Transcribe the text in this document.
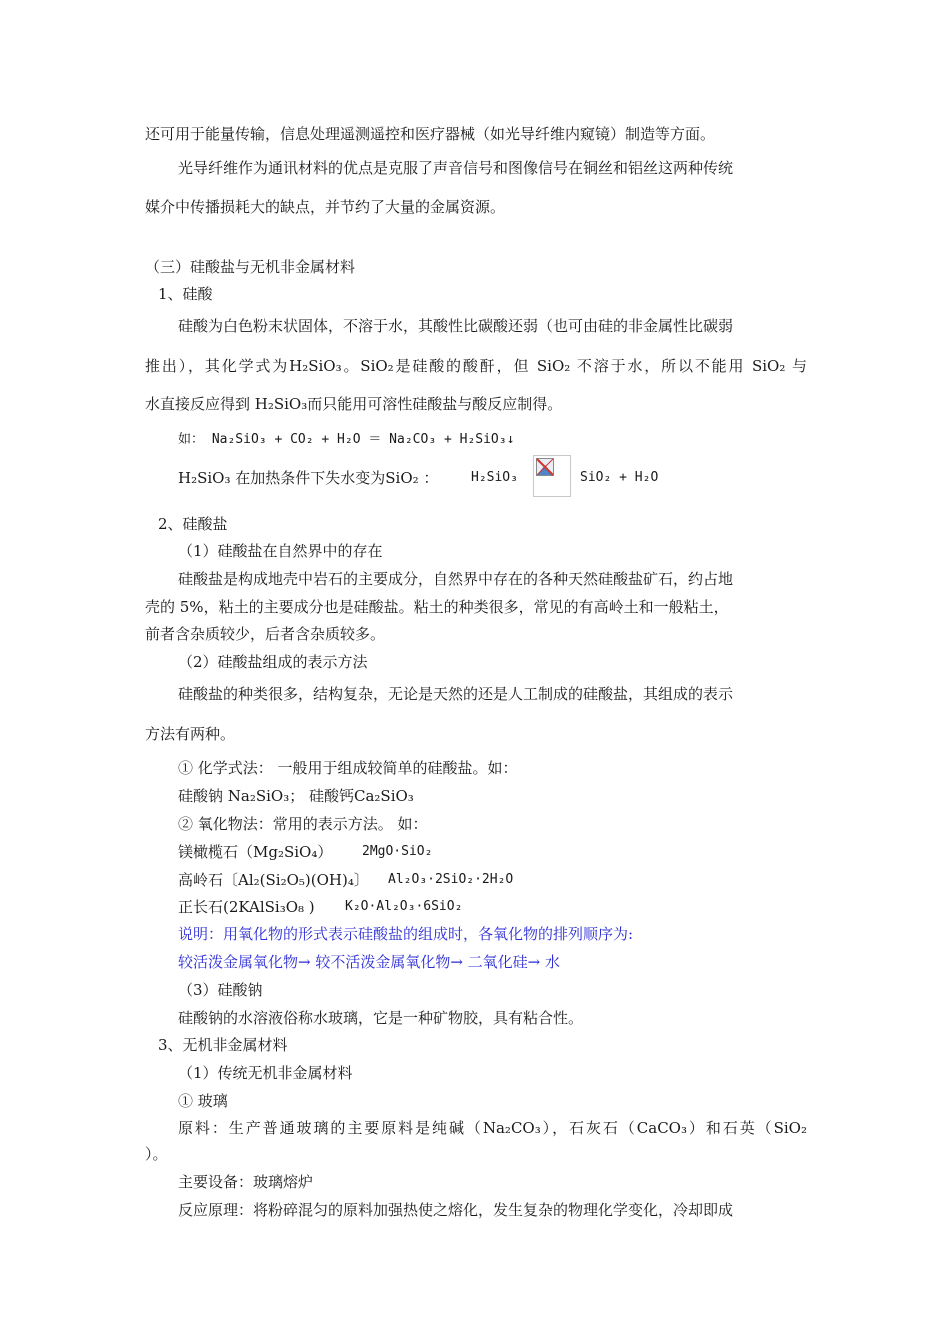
还可用于能量传输，信息处理遥测遥控和医疗器械（如光导纤维内窥镜）制造等方面。
光导纤维作为通讯材料的优点是克服了声音信号和图像信号在铜丝和铝丝这两种传统
媒介中传播损耗大的缺点，并节约了大量的金属资源。
（三）硅酸盐与无机非金属材料
1、硅酸
硅酸为白色粉末状固体，不溶于水，其酸性比碳酸还弱（也可由硅的非金属性比碳弱
推出），其化学式为H₂SiO₃。SiO₂是硅酸的酸酐，但 SiO₂ 不溶于水，所以不能用 SiO₂ 与
水直接反应得到 H₂SiO₃而只能用可溶性硅酸盐与酸反应制得。
如： Na₂SiO₃ + CO₂ + H₂O ＝ Na₂CO₃ + H₂SiO₃↓
H₂SiO₃ 在加热条件下失水变为SiO₂ ：	H₂SiO₃	SiO₂ + H₂O
2、硅酸盐
（1）硅酸盐在自然界中的存在
硅酸盐是构成地壳中岩石的主要成分，自然界中存在的各种天然硅酸盐矿石，约占地
壳的 5%，粘土的主要成分也是硅酸盐。粘土的种类很多，常见的有高岭土和一般粘土，
前者含杂质较少，后者含杂质较多。
（2）硅酸盐组成的表示方法
硅酸盐的种类很多，结构复杂，无论是天然的还是人工制成的硅酸盐，其组成的表示
方法有两种。
① 化学式法： 一般用于组成较简单的硅酸盐。如：
硅酸钠 Na₂SiO₃； 硅酸钙Ca₂SiO₃
② 氧化物法：常用的表示方法。 如：
镁橄榄石（Mg₂SiO₄） 2MgO·SiO₂
高岭石〔Al₂(Si₂O₅)(OH)₄〕 Al₂O₃·2SiO₂·2H₂O
正长石(2KAlSi₃O₈ ) K₂O·Al₂O₃·6SiO₂
说明：用氧化物的形式表示硅酸盐的组成时，各氧化物的排列顺序为:
较活泼金属氧化物→ 较不活泼金属氧化物→ 二氧化硅→ 水
（3）硅酸钠
硅酸钠的水溶液俗称水玻璃，它是一种矿物胶，具有粘合性。
3、无机非金属材料
（1）传统无机非金属材料
① 玻璃
原料：生产普通玻璃的主要原料是纯碱（Na₂CO₃），石灰石（CaCO₃）和石英（SiO₂
）。
主要设备：玻璃熔炉
反应原理：将粉碎混匀的原料加强热使之熔化，发生复杂的物理化学变化，冷却即成
